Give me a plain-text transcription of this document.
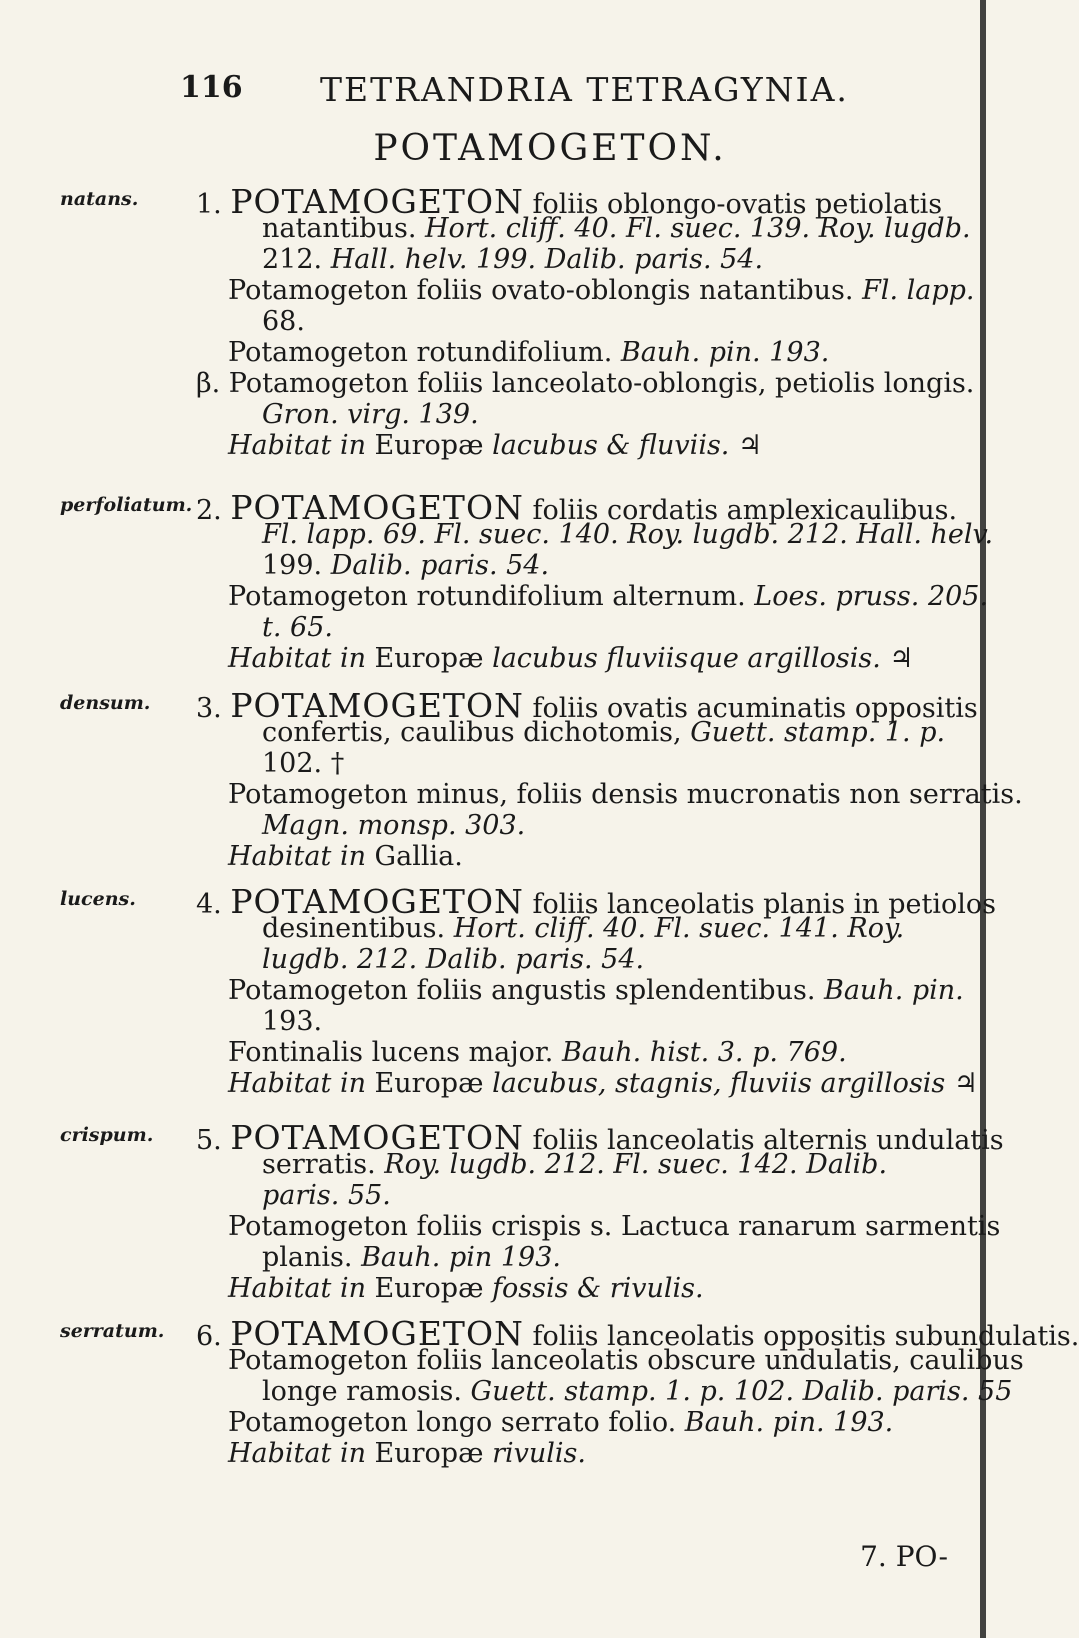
116 TETRANDRIA TETRAGYNIA.
POTAMOGETON.
natans. 1. POTAMOGETON foliis oblongo-ovatis petiolatis
natantibus. Hort. cliff. 40. Fl. suec. 139. Roy. lugdb.
212. Hall. helv. 199. Dalib. paris. 54.
Potamogeton foliis ovato-oblongis natantibus. Fl. lapp.
68.
Potamogeton rotundifolium. Bauh. pin. 193.
β. Potamogeton foliis lanceolato-oblongis, petiolis longis.
Gron. virg. 139.
Habitat in Europæ lacubus & fluviis. ♃
perfoliatum. 2. POTAMOGETON foliis cordatis amplexicaulibus.
Fl. lapp. 69. Fl. suec. 140. Roy. lugdb. 212. Hall. helv.
199. Dalib. paris. 54.
Potamogeton rotundifolium alternum. Loes. pruss. 205.
t. 65.
Habitat in Europæ lacubus fluviisque argillosis. ♃
densum. 3. POTAMOGETON foliis ovatis acuminatis oppositis
confertis, caulibus dichotomis, Guett. stamp. 1. p.
102. †
Potamogeton minus, foliis densis mucronatis non serratis.
Magn. monsp. 303.
Habitat in Gallia.
lucens. 4. POTAMOGETON foliis lanceolatis planis in petiolos
desinentibus. Hort. cliff. 40. Fl. suec. 141. Roy.
lugdb. 212. Dalib. paris. 54.
Potamogeton foliis angustis splendentibus. Bauh. pin.
193.
Fontinalis lucens major. Bauh. hist. 3. p. 769.
Habitat in Europæ lacubus, stagnis, fluviis argillosis ♃
crispum. 5. POTAMOGETON foliis lanceolatis alternis undulatis
serratis. Roy. lugdb. 212. Fl. suec. 142. Dalib.
paris. 55.
Potamogeton foliis crispis s. Lactuca ranarum sarmentis
planis. Bauh. pin 193.
Habitat in Europæ fossis & rivulis.
serratum. 6. POTAMOGETON foliis lanceolatis oppositis subundulatis.
Potamogeton foliis lanceolatis obscure undulatis, caulibus
longe ramosis. Guett. stamp. 1. p. 102. Dalib. paris. 55
Potamogeton longo serrato folio. Bauh. pin. 193.
Habitat in Europæ rivulis.
7. PO-
